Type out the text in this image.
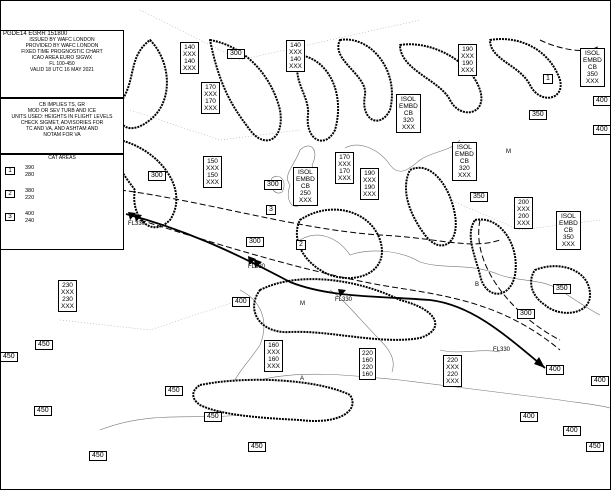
M
M
A
B
PGDE14 EGRR 151800
ISSUED BY WAFC LONDON
PROVIDED BY WAFC LONDON
FIXED TIME PROGNOSTIC CHART
ICAO AREA EURO SIGWX
FL 100-450
VALID 18 UTC 16 MAY 2021
CB IMPLIES TS, GR
MOD OR SEV TURB AND ICE
UNITS USED: HEIGHTS IN FLIGHT LEVELS
CHECK SIGMET, ADVISORIES FOR
TC AND VA, AND ASHTAM AND
NOTAM FOR VA
CAT AREAS
1 390
280
2 380
220
3 400
240	FL330
FL330
FL330
FL330
1
2
3
140
XXX
140
XXX
140
XXX
140
XXX
170
XXX
170
XXX
190
XXX
190
XXX
150
XXX
150
XXX
170
XXX
170
XXX
190
XXX
190
XXX
200
XXX
200
XXX
230
XXX
230
XXX
160
XXX
160
XXX
220
160
220
160
220
XXX
220
XXX
ISOL
EMBD
CB
350
XXX
ISOL
EMBD
CB
320
XXX
ISOL
EMBD
CB
320
XXX
ISOL
EMBD
CB
250
XXX
ISOL
EMBD
CB
350
XXX
300
400
350
400
300
300
300
350
350
400
300
400
400
450
450
450
450
450
450
450
400
400
450
